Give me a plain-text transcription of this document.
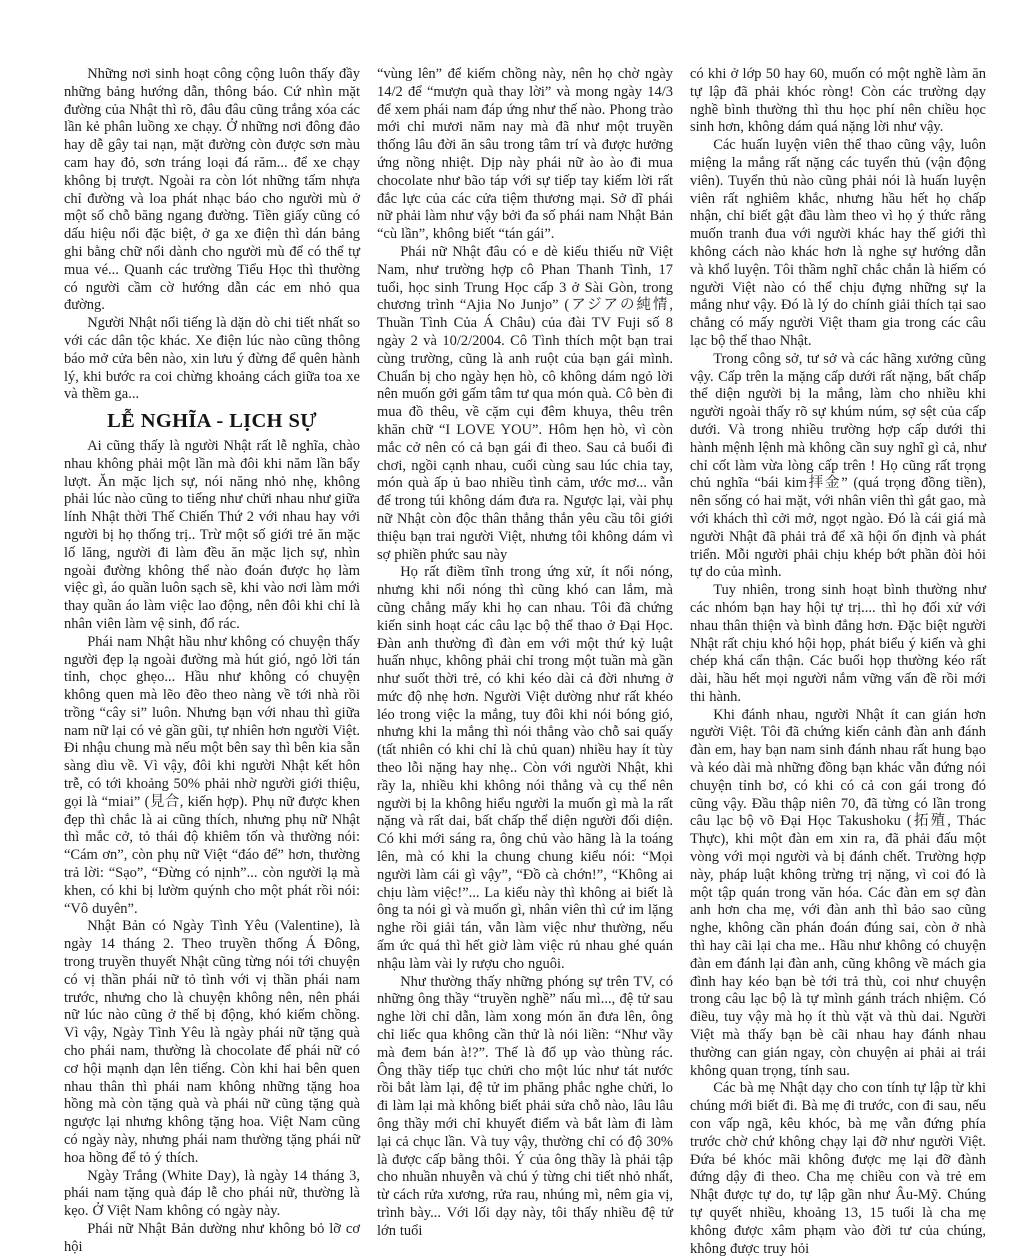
Những nơi sinh hoạt công cộng luôn thấy đầy những bảng hướng dẫn, thông báo. Cứ nhìn mặt đường của Nhật thì rõ, đâu đâu cũng trắng xóa các lần kẻ phân luồng xe chạy. Ở những nơi đông đảo hay dễ gây tai nạn, mặt đường còn được sơn màu cam hay đỏ, sơn tráng loại đá răm... để xe chạy không bị trượt. Ngoài ra còn lót những tấm nhựa chỉ đường và loa phát nhạc báo cho người mù ở một số chỗ băng ngang đường. Tiền giấy cũng có dấu hiệu nổi đặc biệt, ở ga xe điện thì dán bảng ghi bằng chữ nổi dành cho người mù để có thể tự mua vé... Quanh các trường Tiểu Học thì thường có người cầm cờ hướng dẫn các em nhỏ qua đường.

Người Nhật nổi tiếng là dặn dò chi tiết nhất so với các dân tộc khác. Xe điện lúc nào cũng thông báo mở cửa bên nào, xin lưu ý đừng để quên hành lý, khi bước ra coi chừng khoảng cách giữa toa xe và thềm ga...

LỄ NGHĨA - LỊCH SỰ

Ai cũng thấy là người Nhật rất lễ nghĩa, chào nhau không phải một lần mà đôi khi năm lần bẩy lượt. Ăn mặc lịch sự, nói năng nhỏ nhẹ, không phải lúc nào cũng to tiếng như chửi nhau như giữa lính Nhật thời Thế Chiến Thứ 2 với nhau hay với người bị họ thống trị.. Trừ một số giới trẻ ăn mặc lố lăng, người đi làm đều ăn mặc lịch sự, nhìn ngoài đường không thể nào đoán được họ làm việc gì, áo quần luôn sạch sẽ, khi vào nơi làm mới thay quần áo làm việc lao động, nên đôi khi chỉ là nhân viên làm vệ sinh, đổ rác.

Phái nam Nhật hầu như không có chuyện thấy người đẹp lạ ngoài đường mà hút gió, ngỏ lời tán tỉnh, chọc ghẹo... Hầu như không có chuyện không quen mà lẽo đẽo theo nàng về tới nhà rồi trồng “cây si” luôn. Nhưng bạn với nhau thì giữa nam nữ lại có vẻ gần gũi, tự nhiên hơn người Việt. Đi nhậu chung mà nếu một bên say thì bên kia sẵn sàng dìu về. Vì vậy, đôi khi người Nhật kết hôn trễ, có tới khoảng 50% phải nhờ người giới thiệu, gọi là “miai” (見合, kiến hợp). Phụ nữ được khen đẹp thì chắc là ai cũng thích, nhưng phụ nữ Nhật thì mắc cở, tỏ thái độ khiêm tốn và thường nói: “Cám ơn”, còn phụ nữ Việt “đáo để” hơn, thường trả lời: “Sạo”, “Đừng có nịnh”... còn người lạ mà khen, có khi bị lườm quýnh cho một phát rồi nói: “Vô duyên”.

Nhật Bản có Ngày Tình Yêu (Valentine), là ngày 14 tháng 2. Theo truyền thống Á Đông, trong truyền thuyết Nhật cũng từng nói tới chuyện có vị thần phái nữ tỏ tình với vị thần phái nam trước, nhưng cho là chuyện không nên, nên phái nữ lúc nào cũng ở thế bị động, khó kiếm chồng. Vì vậy, Ngày Tình Yêu là ngày phái nữ tặng quà cho phái nam, thường là chocolate để phái nữ có cơ hội mạnh dạn lên tiếng. Còn khi hai bên quen nhau thân thì phái nam không những tặng hoa hồng mà còn tặng quà và phái nữ cũng tặng quà ngược lại nhưng không tặng hoa. Việt Nam cũng có ngày này, nhưng phái nam thường tặng phái nữ hoa hồng để tỏ ý thích.

Ngày Trắng (White Day), là ngày 14 tháng 3, phái nam tặng quà đáp lễ cho phái nữ, thường là kẹo. Ở Việt Nam không có ngày này.

Phái nữ Nhật Bản dường như không bỏ lỡ cơ hội

“vùng lên” để kiếm chồng này, nên họ chờ ngày 14/2 để “mượn quà thay lời” và mong ngày 14/3 để xem phái nam đáp ứng như thế nào. Phong trào mới chỉ mươi năm nay mà đã như một truyền thống lâu đời ăn sâu trong tâm trí và được hưởng ứng nồng nhiệt. Dịp này phái nữ ào ào đi mua chocolate như bão táp với sự tiếp tay kiếm lời rất đắc lực của các cửa tiệm thương mại. Sở dĩ phái nữ phải làm như vậy bởi đa số phái nam Nhật Bản “cù lần”, không biết “tán gái”.

Phái nữ Nhật đâu có e dè kiểu thiếu nữ Việt Nam, như trường hợp cô Phan Thanh Tình, 17 tuổi, học sinh Trung Học cấp 3 ở Sài Gòn, trong chương trình “Ajia No Junjo” (アジアの純情, Thuần Tình Của Á Châu) của đài TV Fuji số 8 ngày 2 và 10/2/2004. Cô Tình thích một bạn trai cùng trường, cũng là anh ruột của bạn gái mình. Chuẩn bị cho ngày hẹn hò, cô không dám ngỏ lời nên muốn gởi gấm tâm tư qua món quà. Cô bèn đi mua đồ thêu, về cặm cụi đêm khuya, thêu trên khăn chữ “I LOVE YOU”. Hôm hẹn hò, vì còn mắc cở nên có cả bạn gái đi theo. Sau cả buổi đi chơi, ngồi cạnh nhau, cuối cùng sau lúc chia tay, món quà ấp ủ bao nhiều tình cảm, ước mơ... vẫn để trong túi không dám đưa ra. Ngược lại, vài phụ nữ Nhật còn độc thân thẳng thắn yêu cầu tôi giới thiệu bạn trai người Việt, nhưng tôi không dám vì sợ phiền phức sau này

Họ rất điềm tĩnh trong ứng xử, ít nổi nóng, nhưng khi nổi nóng thì cũng khó can lắm, mà cũng chẳng mấy khi họ can nhau. Tôi đã chứng kiến sinh hoạt các câu lạc bộ thể thao ở Đại Học. Đàn anh thường đì đàn em với một thứ kỷ luật huấn nhục, không phải chỉ trong một tuần mà gần như suốt thời trẻ, có khi kéo dài cả đời nhưng ở mức độ nhẹ hơn. Người Việt dường như rất khéo léo trong việc la mắng, tuy đôi khi nói bóng gió, nhưng khi la mắng thì nói thẳng vào chỗ sai quấy (tất nhiên có khi chỉ là chủ quan) nhiều hay ít tùy theo lỗi nặng hay nhẹ.. Còn với người Nhật, khi rầy la, nhiều khi không nói thẳng và cụ thể nên người bị la không hiểu người la muốn gì mà la rất nặng và rất dai, bất chấp thể diện người đối diện. Có khi mới sáng ra, ông chủ vào hãng là la toáng lên, mà có khi la chung chung kiểu nói: “Mọi người làm cái gì vậy”, “Đồ cà chớn!”, “Không ai chịu làm việc!”... La kiểu này thì không ai biết là ông ta nói gì và muốn gì, nhân viên thì cứ im lặng nghe rồi giải tán, vẫn làm việc như thường, nếu ấm ức quá thì hết giờ làm việc rủ nhau ghé quán nhậu làm vài ly rượu cho nguôi.

Như thường thấy những phóng sự trên TV, có những ông thầy “truyền nghề” nấu mì..., đệ tử sau nghe lời chỉ dẫn, làm xong món ăn đưa lên, ông chỉ liếc qua không cần thử là nói liền: “Như vầy mà đem bán à!?”. Thế là đổ ụp vào thùng rác. Ông thầy tiếp tục chửi cho một lúc như tát nước rồi bắt làm lại, đệ tử im phăng phắc nghe chửi, lo đi làm lại mà không biết phải sửa chỗ nào, lâu lâu ông thầy mới chỉ khuyết điểm và bắt làm đi làm lại cả chục lần. Và tuy vậy, thường chỉ có độ 30% là được cấp bằng thôi. Ý của ông thầy là phải tập cho nhuần nhuyễn và chú ý từng chi tiết nhỏ nhất, từ cách rửa xương, rửa rau, nhúng mì, nêm gia vị, trình bày... Với lối dạy này, tôi thấy nhiều đệ tử lớn tuổi

có khi ở lớp 50 hay 60, muốn có một nghề làm ăn tự lập đã phải khóc ròng! Còn các trường dạy nghề bình thường thì thu học phí nên chiều học sinh hơn, không dám quá nặng lời như vậy.

Các huấn luyện viên thể thao cũng vậy, luôn miệng la mắng rất nặng các tuyển thủ (vận động viên). Tuyển thủ nào cũng phải nói là huấn luyện viên rất nghiêm khắc, nhưng hầu hết họ chấp nhận, chỉ biết gật đầu làm theo vì họ ý thức rằng muốn tranh đua với người khác hay thế giới thì không cách nào khác hơn là nghe sự hướng dẫn và khổ luyện. Tôi thầm nghĩ chắc chắn là hiếm có người Việt nào có thể chịu đựng những sự la mắng như vậy. Đó là lý do chính giải thích tại sao chẳng có mấy người Việt tham gia trong các câu lạc bộ thể thao Nhật.

Trong công sở, tư sở và các hãng xưởng cũng vậy. Cấp trên la mặng cấp dưới rất nặng, bất chấp thể diện người bị la mắng, làm cho nhiều khi người ngoài thấy rõ sự khúm núm, sợ sệt của cấp dưới. Và trong nhiều trường hợp cấp dưới thi hành mệnh lệnh mà không cần suy nghĩ gì cả, như chỉ cốt làm vừa lòng cấp trên ! Họ cũng rất trọng chủ nghĩa “bái kim拝金” (quá trọng đồng tiền), nên sống có hai mặt, với nhân viên thì gắt gao, mà với khách thì cởi mở, ngọt ngào. Đó là cái giá mà người Nhật đã phải trả để xã hội ổn định và phát triển. Mỗi người phải chịu khép bớt phần đòi hỏi tự do của mình.

Tuy nhiên, trong sinh hoạt bình thường như các nhóm bạn hay hội tự trị.... thì họ đối xử với nhau thân thiện và bình đẳng hơn. Đặc biệt người Nhật rất chịu khó hội họp, phát biểu ý kiến và ghi chép khá cẩn thận. Các buổi họp thường kéo rất dài, hầu hết mọi người nắm vững vấn đề rồi mới thi hành.

Khi đánh nhau, người Nhật ít can gián hơn người Việt. Tôi đã chứng kiến cảnh đàn anh đánh đàn em, hay bạn nam sinh đánh nhau rất hung bạo và kéo dài mà những đồng bạn khác vẫn đứng nói chuyện tỉnh bơ, có khi có cả con gái trong đó cũng vậy. Đầu thập niên 70, đã từng có lần trong câu lạc bộ võ Đại Học Takushoku (拓殖, Thác Thực), khi một đàn em xin ra, đã phải đấu một vòng với mọi người và bị đánh chết. Trường hợp này, pháp luật không trừng trị nặng, vì coi đó là một tập quán trong văn hóa. Các đàn em sợ đàn anh hơn cha mẹ, với đàn anh thì bảo sao cũng nghe, không cần phán đoán đúng sai, còn ở nhà thì hay cãi lại cha me.. Hầu như không có chuyện đàn em đánh lại đàn anh, cũng không về mách gia đình hay kéo bạn bè tới trả thù, coi như chuyện trong câu lạc bộ là tự mình gánh trách nhiệm. Có điều, tuy vậy mà họ ít thù vặt và thù dai. Người Việt mà thấy bạn bè cãi nhau hay đánh nhau thường can gián ngay, còn chuyện ai phải ai trái không quan trọng, tính sau.

Các bà mẹ Nhật dạy cho con tính tự lập từ khi chúng mới biết đi. Bà mẹ đi trước, con đi sau, nếu con vấp ngã, kêu khóc, bà mẹ vẫn đứng phía trước chờ chứ không chạy lại đỡ như người Việt. Đứa bé khóc mãi không được mẹ lại đỡ đành đứng dậy đi theo. Cha mẹ chiều con và trẻ em Nhật được tự do, tự lập gần như Âu-Mỹ. Chúng tự quyết nhiều, khoảng 13, 15 tuổi là cha mẹ không được xâm phạm vào đời tư của chúng, không được truy hỏi
